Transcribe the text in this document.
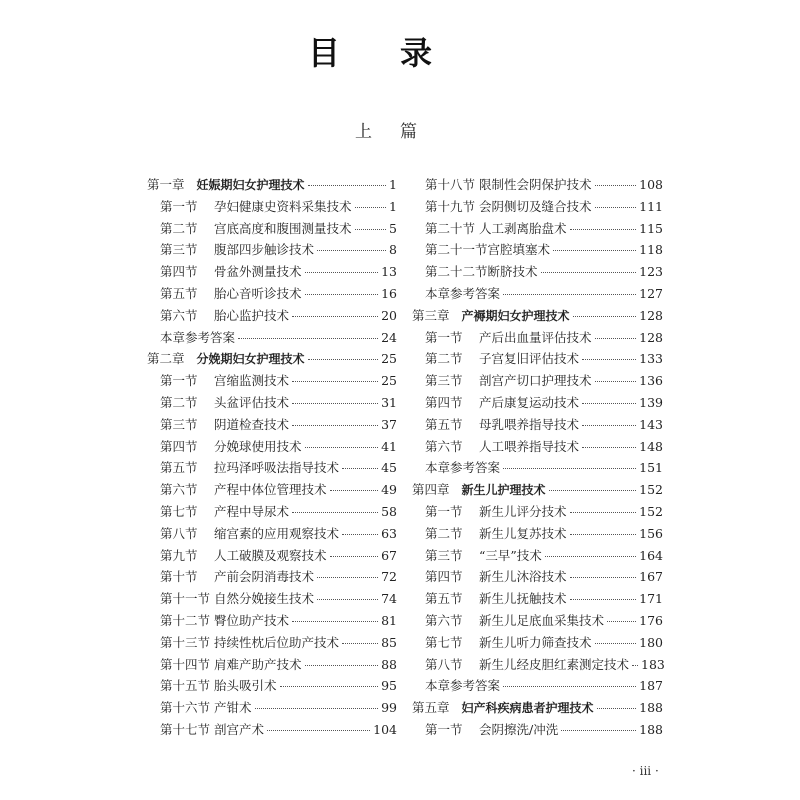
目录
上篇
第一章 妊娠期妇女护理技术	1
第一节	孕妇健康史资料采集技术	1
第二节	宫底高度和腹围测量技术	5
第三节	腹部四步触诊技术	8
第四节	骨盆外测量技术	13
第五节	胎心音听诊技术	16
第六节	胎心监护技术	20
本章参考答案	24
第二章 分娩期妇女护理技术	25
第一节	宫缩监测技术	25
第二节	头盆评估技术	31
第三节	阴道检查技术	37
第四节	分娩球使用技术	41
第五节	拉玛泽呼吸法指导技术	45
第六节	产程中体位管理技术	49
第七节	产程中导尿术	58
第八节	缩宫素的应用观察技术	63
第九节	人工破膜及观察技术	67
第十节	产前会阴消毒技术	72
第十一节 自然分娩接生技术	74
第十二节 臀位助产技术	81
第十三节 持续性枕后位助产技术	85
第十四节 肩难产助产技术	88
第十五节 胎头吸引术	95
第十六节 产钳术	99
第十七节 剖宫产术	104
第十八节 限制性会阴保护技术	108
第十九节 会阴侧切及缝合技术	111
第二十节 人工剥离胎盘术	115
第二十一节 宫腔填塞术	118
第二十二节 断脐技术	123
本章参考答案	127
第三章 产褥期妇女护理技术	128
第一节	产后出血量评估技术	128
第二节	子宫复旧评估技术	133
第三节	剖宫产切口护理技术	136
第四节	产后康复运动技术	139
第五节	母乳喂养指导技术	143
第六节	人工喂养指导技术	148
本章参考答案	151
第四章 新生儿护理技术	152
第一节	新生儿评分技术	152
第二节	新生儿复苏技术	156
第三节	“三早”技术	164
第四节	新生儿沐浴技术	167
第五节	新生儿抚触技术	171
第六节	新生儿足底血采集技术	176
第七节	新生儿听力筛查技术	180
第八节	新生儿经皮胆红素测定技术 183
本章参考答案	187
第五章 妇产科疾病患者护理技术	188
第一节	会阴擦洗/冲洗	188
· iii ·
